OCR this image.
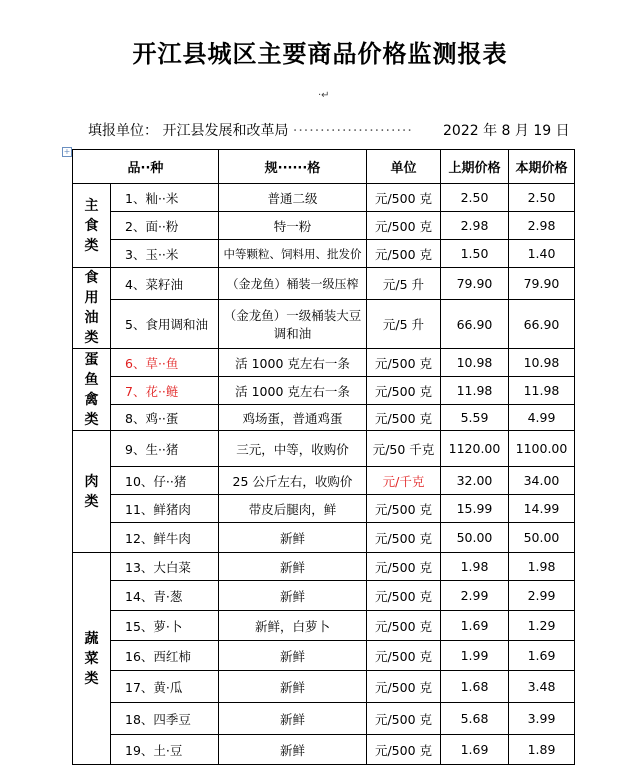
开江县城区主要商品价格监测报表
·↵
填报单位： 开江县发展和改革局 ······················ 2022 年 8 月 19 日
+
品··种		规······格	单位	上期价格	本期价格
主
食
类	1、籼··米	普通二级	元/500 克	2.50	2.50
	2、面··粉	特一粉	元/500 克	2.98	2.98
	3、玉··米	中等颗粒、饲料用、批发价	元/500 克	1.50	1.40
食
用
油
类	4、菜籽油	（金龙鱼）桶装一级压榨	元/5 升	79.90	79.90
	5、食用调和油	（金龙鱼）一级桶装大豆调和油	元/5 升	66.90	66.90
蛋
鱼
禽
类	6、草··鱼	活 1000 克左右一条	元/500 克	10.98	10.98
	7、花··鲢	活 1000 克左右一条	元/500 克	11.98	11.98
	8、鸡··蛋	鸡场蛋，普通鸡蛋	元/500 克	5.59	4.99
肉
类	9、生··猪	三元，中等，收购价	元/50 千克	1120.00	1100.00
	10、仔··猪	25 公斤左右，收购价	元/千克	32.00	34.00
	11、鲜猪肉	带皮后腿肉，鲜	元/500 克	15.99	14.99
	12、鲜牛肉	新鲜	元/500 克	50.00	50.00
蔬
菜
类	13、大白菜	新鲜	元/500 克	1.98	1.98
	14、青·葱	新鲜	元/500 克	2.99	2.99
	15、萝·卜	新鲜，白萝卜	元/500 克	1.69	1.29
	16、西红柿	新鲜	元/500 克	1.99	1.69
	17、黄·瓜	新鲜	元/500 克	1.68	3.48
	18、四季豆	新鲜	元/500 克	5.68	3.99
	19、土·豆	新鲜	元/500 克	1.69	1.89
